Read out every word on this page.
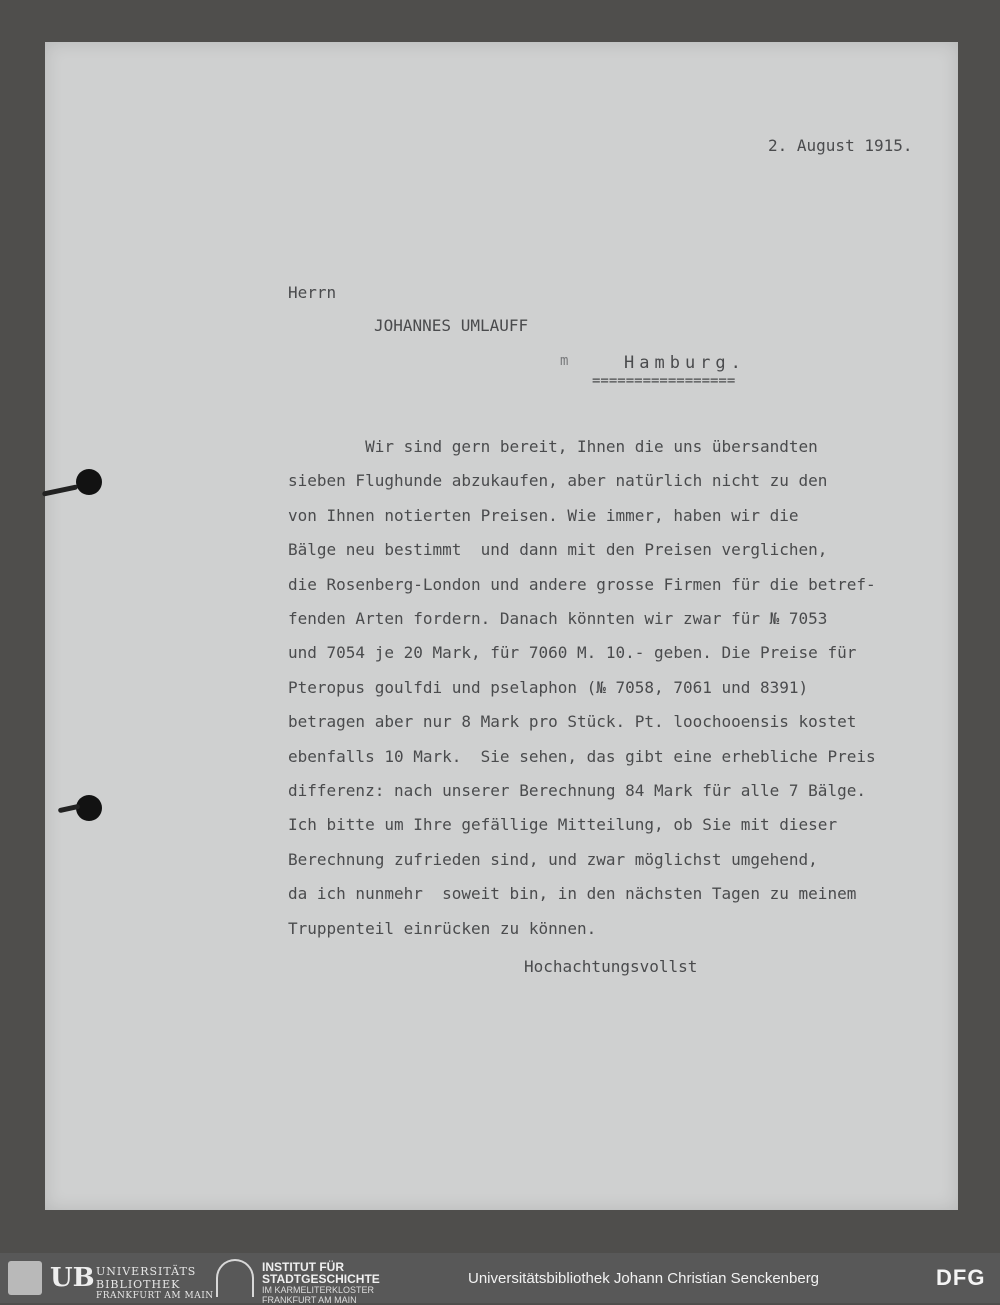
2. August 1915.
Herrn
JOHANNES UMLAUFF
m	Hamburg.
=================
Wir sind gern bereit, Ihnen die uns übersandten
sieben Flughunde abzukaufen, aber natürlich nicht zu den
von Ihnen notierten Preisen. Wie immer, haben wir die
Bälge neu bestimmt  und dann mit den Preisen verglichen,
die Rosenberg-London und andere grosse Firmen für die betref-
fenden Arten fordern. Danach könnten wir zwar für № 7053
und 7054 je 20 Mark, für 7060 M. 10.- geben. Die Preise für
Pteropus goulfdi und pselaphon (№ 7058, 7061 und 8391)
betragen aber nur 8 Mark pro Stück. Pt. loochooensis kostet
ebenfalls 10 Mark.  Sie sehen, das gibt eine erhebliche Preis
differenz: nach unserer Berechnung 84 Mark für alle 7 Bälge.
Ich bitte um Ihre gefällige Mitteilung, ob Sie mit dieser
Berechnung zufrieden sind, und zwar möglichst umgehend,
da ich nunmehr  soweit bin, in den nächsten Tagen zu meinem
Truppenteil einrücken zu können.
Hochachtungsvollst
UB UNIVERSITÄTS
BIBLIOTHEK
FRANKFURT AM MAIN
INSTITUT FÜR
STADTGESCHICHTE
IM KARMELITERKLOSTER
FRANKFURT AM MAIN
Universitätsbibliothek Johann Christian Senckenberg	DFG
